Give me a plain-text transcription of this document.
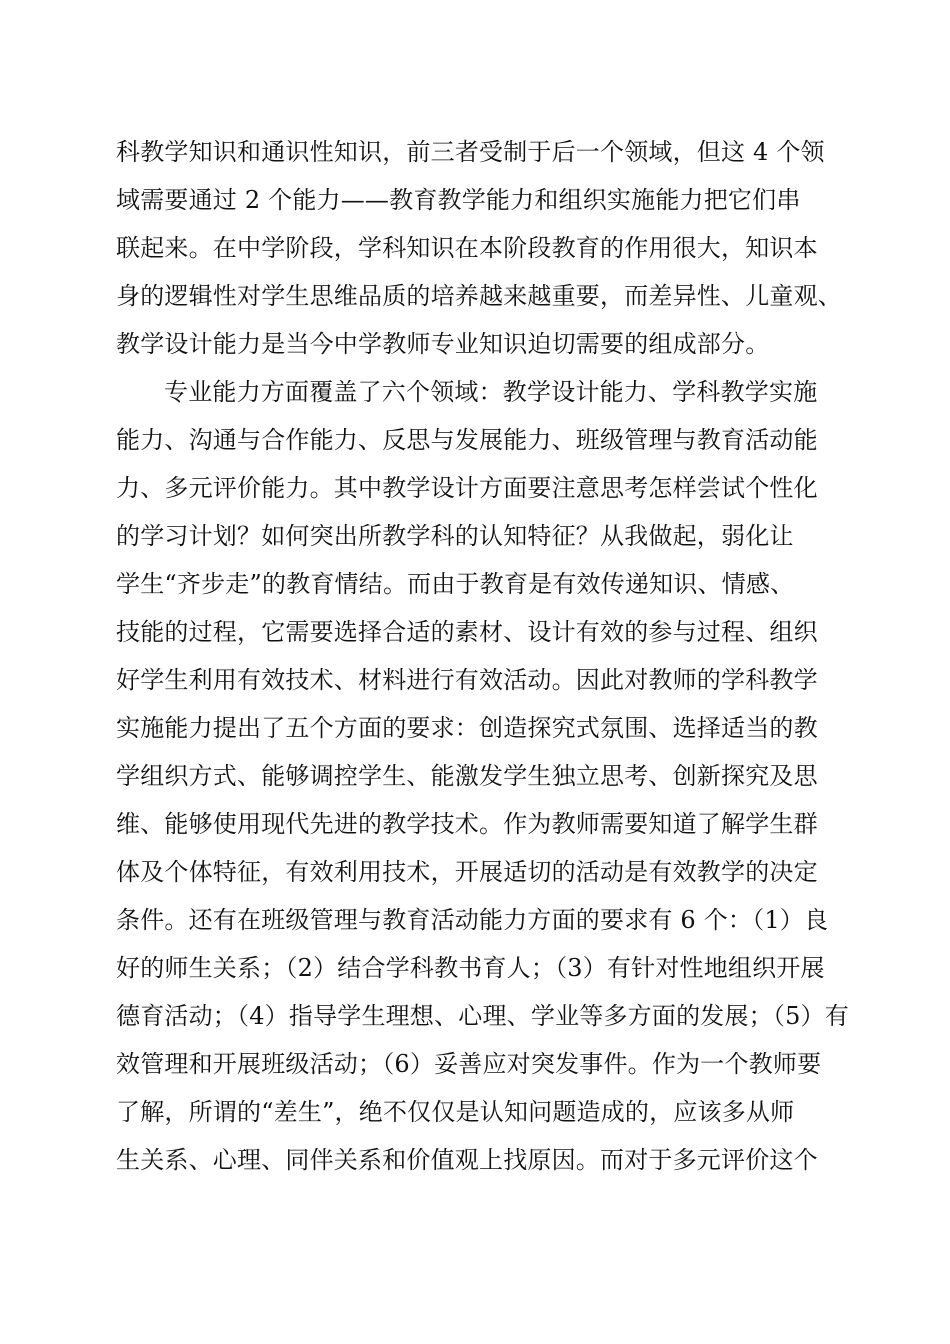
科教学知识和通识性知识，前三者受制于后一个领域，但这 4 个领
域需要通过 2 个能力——教育教学能力和组织实施能力把它们串
联起来。在中学阶段，学科知识在本阶段教育的作用很大，知识本
身的逻辑性对学生思维品质的培养越来越重要，而差异性、儿童观、
教学设计能力是当今中学教师专业知识迫切需要的组成部分。
专业能力方面覆盖了六个领域：教学设计能力、学科教学实施
能力、沟通与合作能力、反思与发展能力、班级管理与教育活动能
力、多元评价能力。其中教学设计方面要注意思考怎样尝试个性化
的学习计划？如何突出所教学科的认知特征？从我做起，弱化让
学生“齐步走”的教育情结。而由于教育是有效传递知识、情感、
技能的过程，它需要选择合适的素材、设计有效的参与过程、组织
好学生利用有效技术、材料进行有效活动。因此对教师的学科教学
实施能力提出了五个方面的要求：创造探究式氛围、选择适当的教
学组织方式、能够调控学生、能激发学生独立思考、创新探究及思
维、能够使用现代先进的教学技术。作为教师需要知道了解学生群
体及个体特征，有效利用技术，开展适切的活动是有效教学的决定
条件。还有在班级管理与教育活动能力方面的要求有 6 个：（1）良
好的师生关系；（2）结合学科教书育人；（3）有针对性地组织开展
德育活动；（4）指导学生理想、心理、学业等多方面的发展；（5）有
效管理和开展班级活动；（6）妥善应对突发事件。作为一个教师要
了解，所谓的“差生”，绝不仅仅是认知问题造成的，应该多从师
生关系、心理、同伴关系和价值观上找原因。而对于多元评价这个
